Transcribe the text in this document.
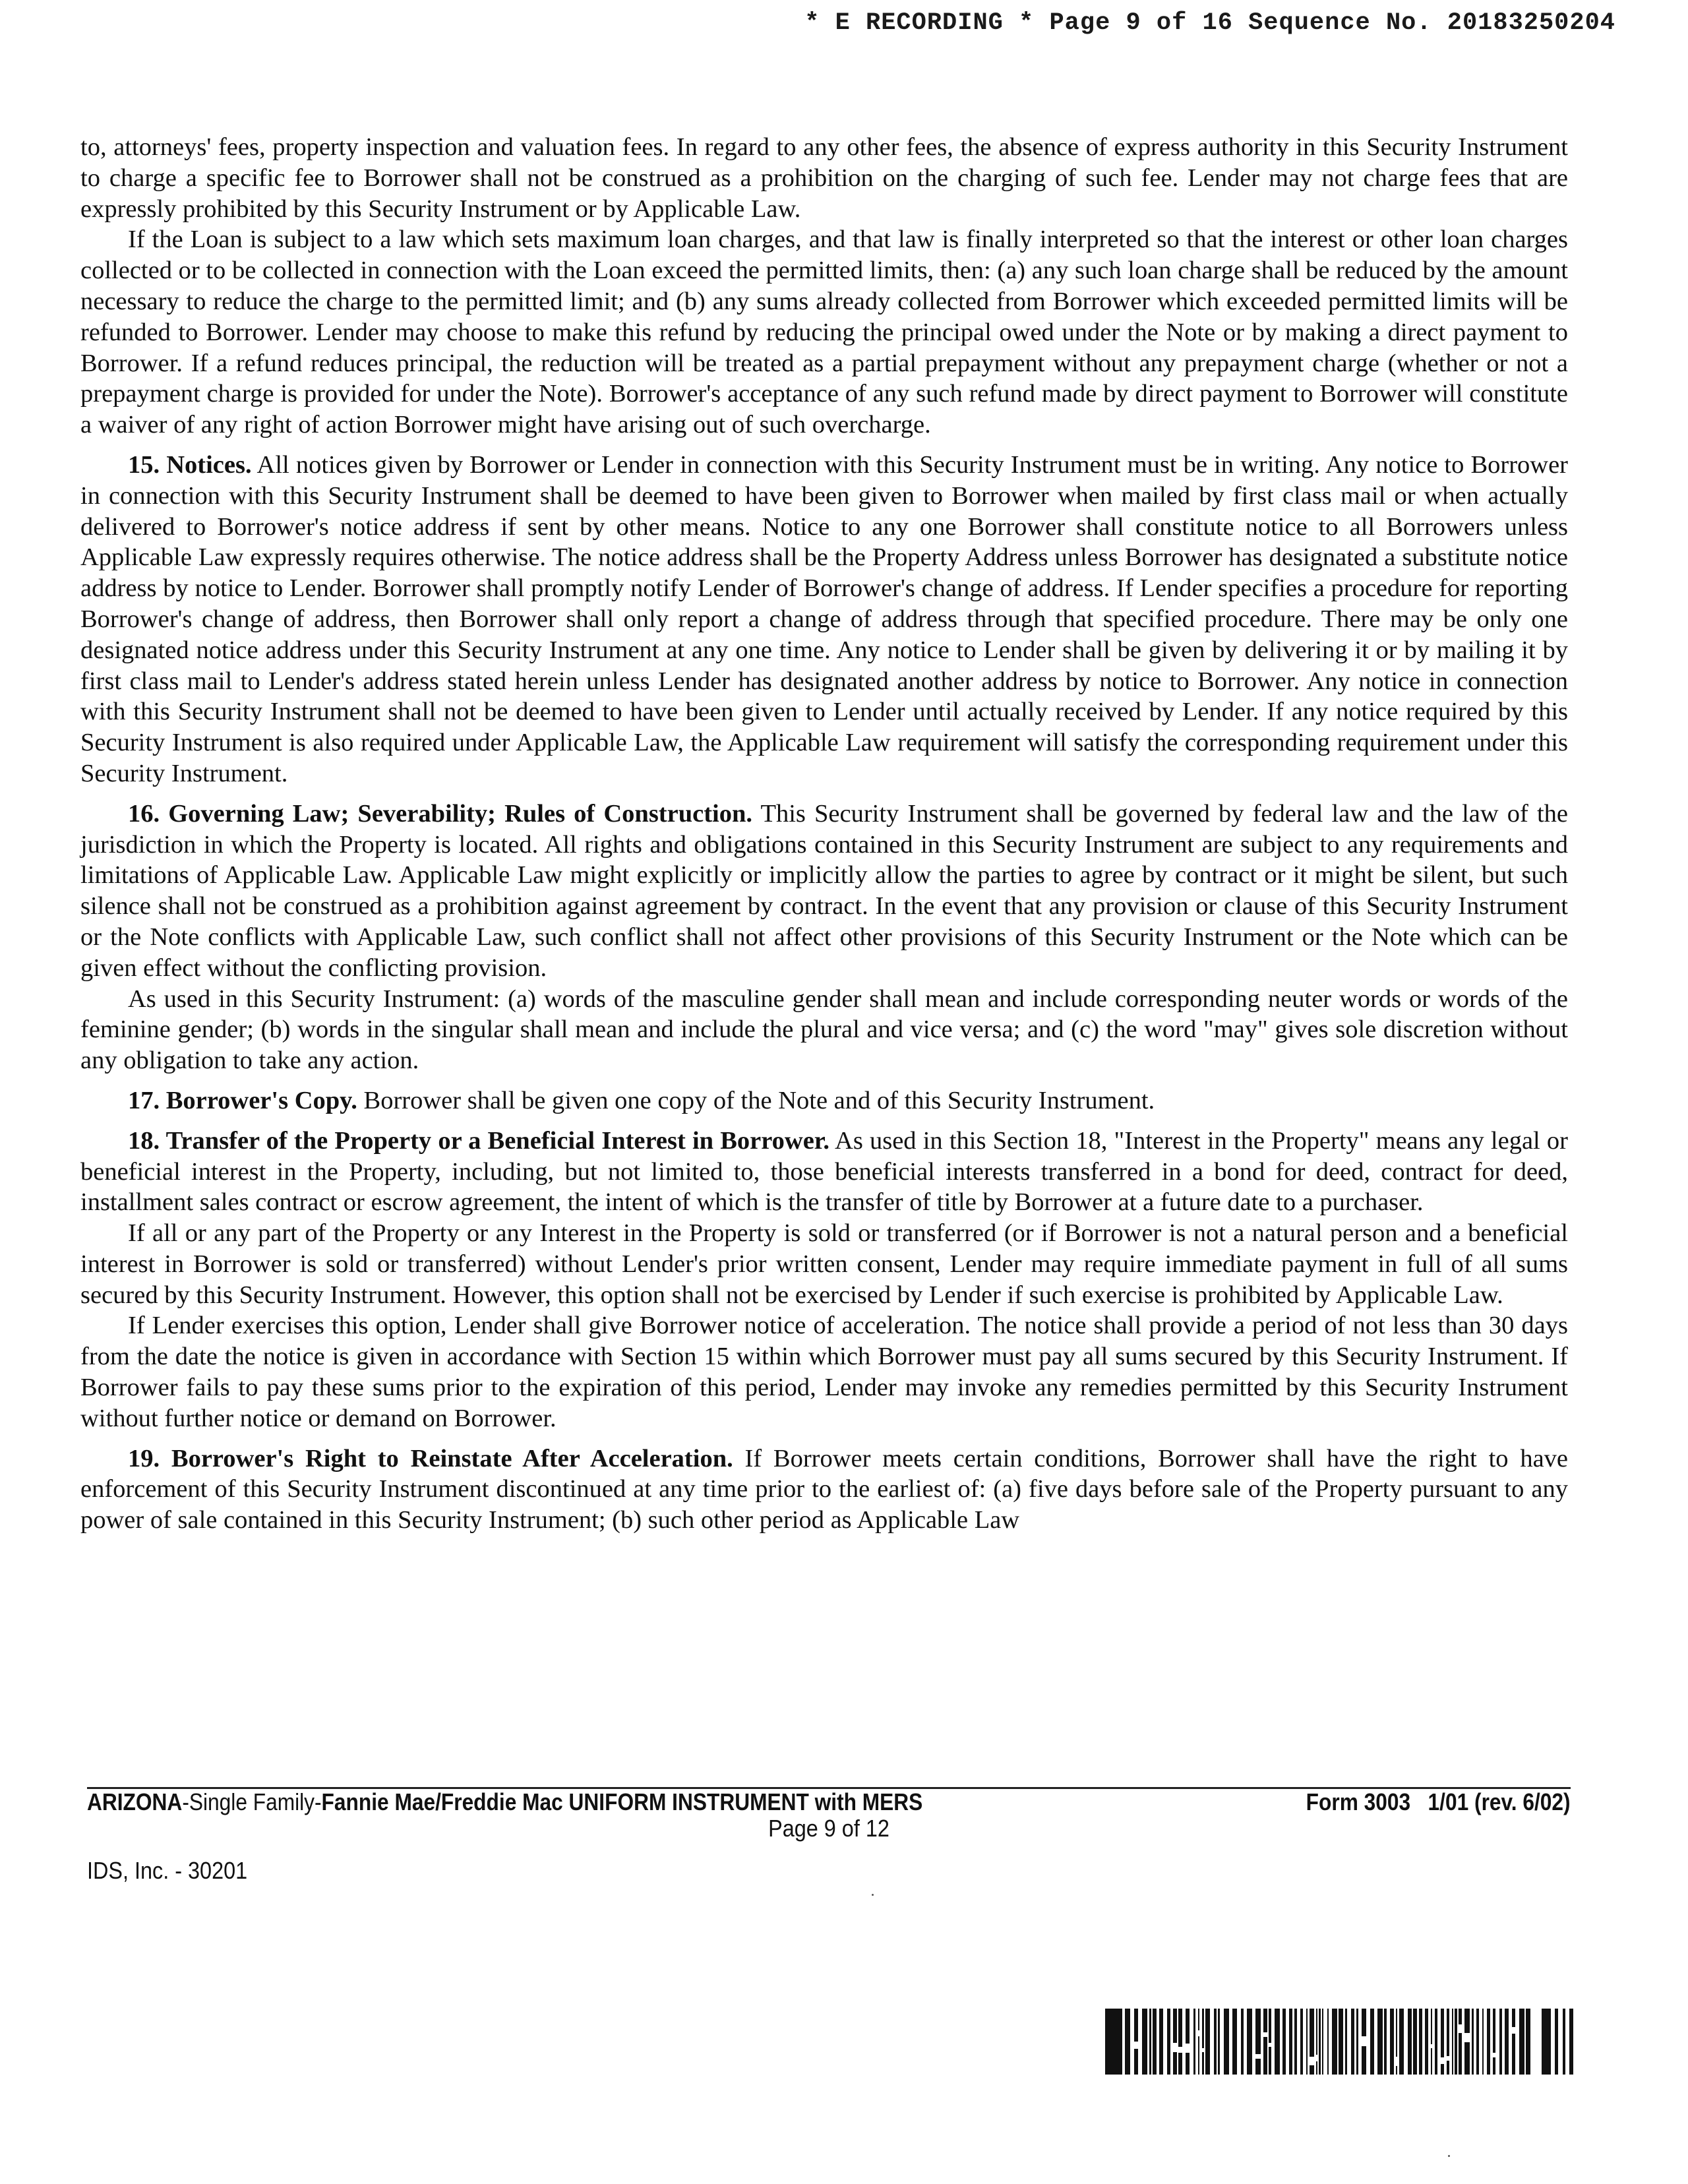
* E RECORDING * Page 9 of 16 Sequence No. 20183250204

to, attorneys' fees, property inspection and valuation fees. In regard to any other fees, the absence of express authority in this Security Instrument to charge a specific fee to Borrower shall not be construed as a prohibition on the charging of such fee. Lender may not charge fees that are expressly prohibited by this Security Instrument or by Applicable Law.

If the Loan is subject to a law which sets maximum loan charges, and that law is finally interpreted so that the interest or other loan charges collected or to be collected in connection with the Loan exceed the permitted limits, then: (a) any such loan charge shall be reduced by the amount necessary to reduce the charge to the permitted limit; and (b) any sums already collected from Borrower which exceeded permitted limits will be refunded to Borrower. Lender may choose to make this refund by reducing the principal owed under the Note or by making a direct payment to Borrower. If a refund reduces principal, the reduction will be treated as a partial prepayment without any prepayment charge (whether or not a prepayment charge is provided for under the Note). Borrower's acceptance of any such refund made by direct payment to Borrower will constitute a waiver of any right of action Borrower might have arising out of such overcharge.

15. Notices. All notices given by Borrower or Lender in connection with this Security Instrument must be in writing. Any notice to Borrower in connection with this Security Instrument shall be deemed to have been given to Borrower when mailed by first class mail or when actually delivered to Borrower's notice address if sent by other means. Notice to any one Borrower shall constitute notice to all Borrowers unless Applicable Law expressly requires otherwise. The notice address shall be the Property Address unless Borrower has designated a substitute notice address by notice to Lender. Borrower shall promptly notify Lender of Borrower's change of address. If Lender specifies a procedure for reporting Borrower's change of address, then Borrower shall only report a change of address through that specified procedure. There may be only one designated notice address under this Security Instrument at any one time. Any notice to Lender shall be given by delivering it or by mailing it by first class mail to Lender's address stated herein unless Lender has designated another address by notice to Borrower. Any notice in connection with this Security Instrument shall not be deemed to have been given to Lender until actually received by Lender. If any notice required by this Security Instrument is also required under Applicable Law, the Applicable Law requirement will satisfy the corresponding requirement under this Security Instrument.

16. Governing Law; Severability; Rules of Construction. This Security Instrument shall be governed by federal law and the law of the jurisdiction in which the Property is located. All rights and obligations contained in this Security Instrument are subject to any requirements and limitations of Applicable Law. Applicable Law might explicitly or implicitly allow the parties to agree by contract or it might be silent, but such silence shall not be construed as a prohibition against agreement by contract. In the event that any provision or clause of this Security Instrument or the Note conflicts with Applicable Law, such conflict shall not affect other provisions of this Security Instrument or the Note which can be given effect without the conflicting provision.

As used in this Security Instrument: (a) words of the masculine gender shall mean and include corresponding neuter words or words of the feminine gender; (b) words in the singular shall mean and include the plural and vice versa; and (c) the word "may" gives sole discretion without any obligation to take any action.

17. Borrower's Copy. Borrower shall be given one copy of the Note and of this Security Instrument.

18. Transfer of the Property or a Beneficial Interest in Borrower. As used in this Section 18, "Interest in the Property" means any legal or beneficial interest in the Property, including, but not limited to, those beneficial interests transferred in a bond for deed, contract for deed, installment sales contract or escrow agreement, the intent of which is the transfer of title by Borrower at a future date to a purchaser.

If all or any part of the Property or any Interest in the Property is sold or transferred (or if Borrower is not a natural person and a beneficial interest in Borrower is sold or transferred) without Lender's prior written consent, Lender may require immediate payment in full of all sums secured by this Security Instrument. However, this option shall not be exercised by Lender if such exercise is prohibited by Applicable Law.

If Lender exercises this option, Lender shall give Borrower notice of acceleration. The notice shall provide a period of not less than 30 days from the date the notice is given in accordance with Section 15 within which Borrower must pay all sums secured by this Security Instrument. If Borrower fails to pay these sums prior to the expiration of this period, Lender may invoke any remedies permitted by this Security Instrument without further notice or demand on Borrower.

19. Borrower's Right to Reinstate After Acceleration. If Borrower meets certain conditions, Borrower shall have the right to have enforcement of this Security Instrument discontinued at any time prior to the earliest of: (a) five days before sale of the Property pursuant to any power of sale contained in this Security Instrument; (b) such other period as Applicable Law

ARIZONA-Single Family-Fannie Mae/Freddie Mac UNIFORM INSTRUMENT with MERS	Form 3003   1/01 (rev. 6/02)
Page 9 of 12
IDS, Inc. - 30201
